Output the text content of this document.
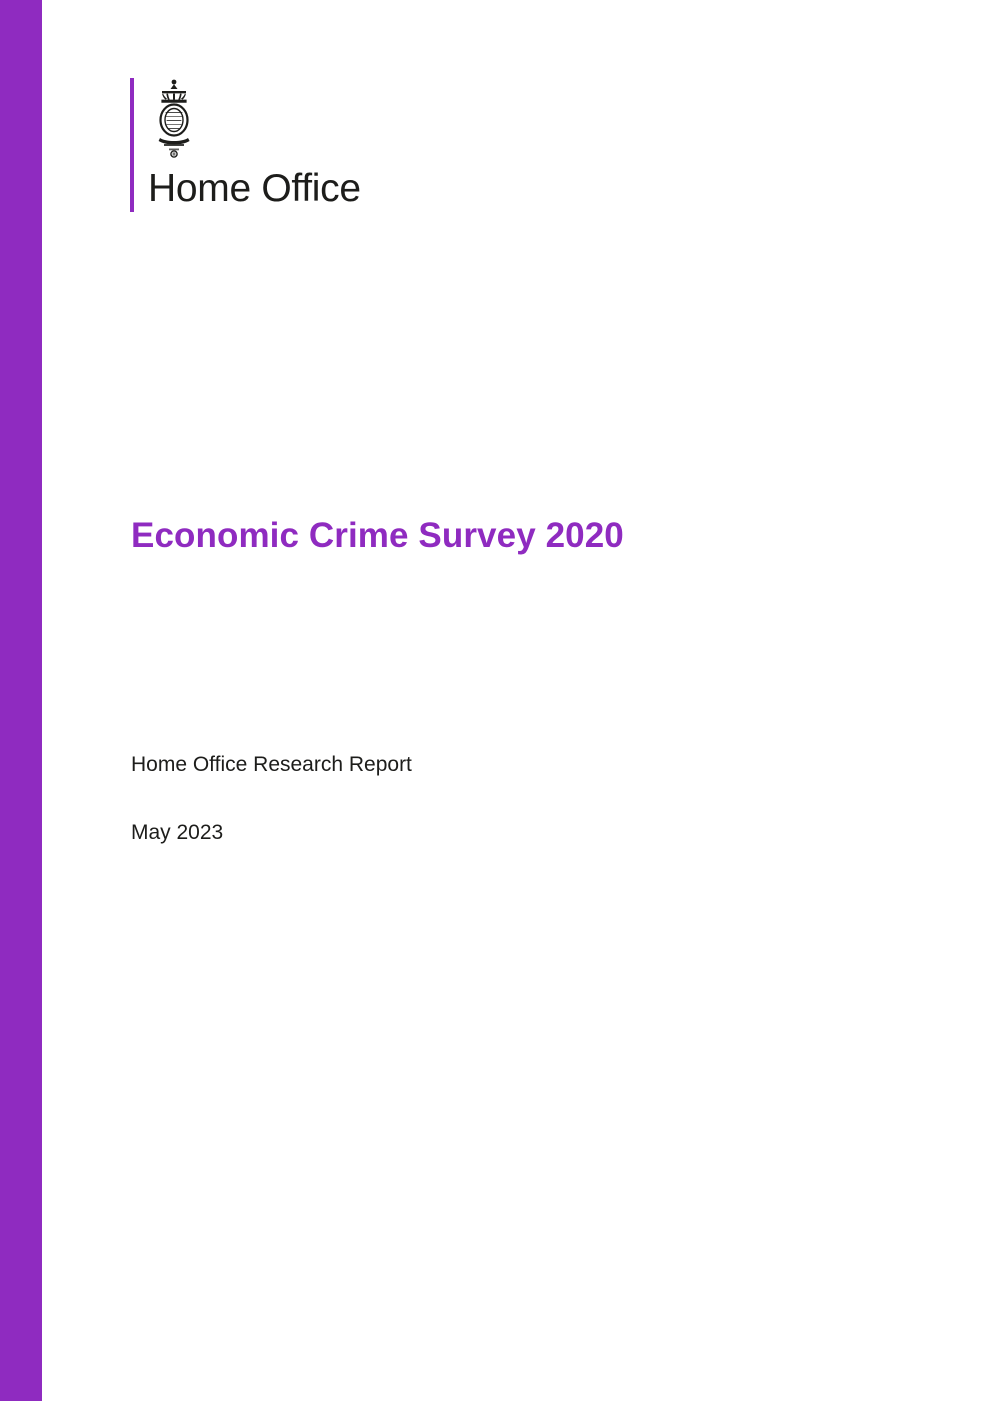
Home Office
Economic Crime Survey 2020
Home Office Research Report
May 2023
